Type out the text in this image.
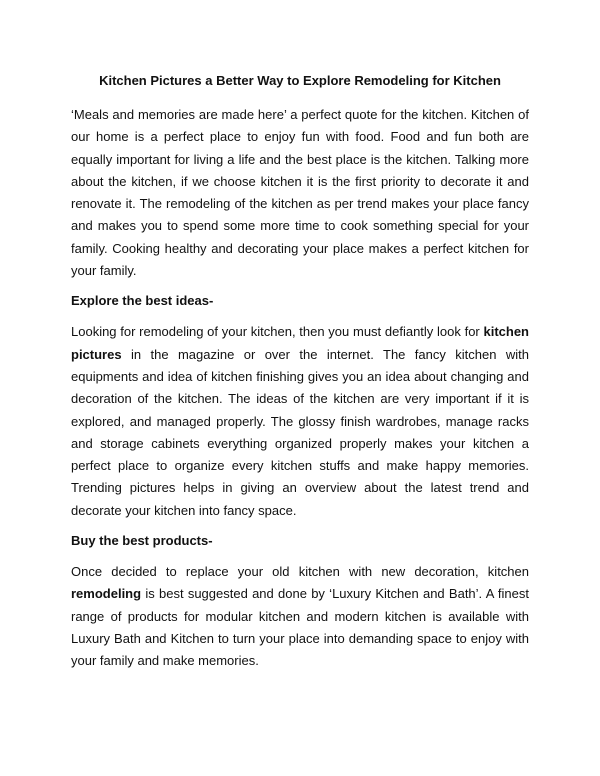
Kitchen Pictures a Better Way to Explore Remodeling for Kitchen

‘Meals and memories are made here’ a perfect quote for the kitchen. Kitchen of our home is a perfect place to enjoy fun with food. Food and fun both are equally important for living a life and the best place is the kitchen. Talking more about the kitchen, if we choose kitchen it is the first priority to decorate it and renovate it. The remodeling of the kitchen as per trend makes your place fancy and makes you to spend some more time to cook something special for your family. Cooking healthy and decorating your place makes a perfect kitchen for your family.

Explore the best ideas-

Looking for remodeling of your kitchen, then you must defiantly look for kitchen pictures in the magazine or over the internet. The fancy kitchen with equipments and idea of kitchen finishing gives you an idea about changing and decoration of the kitchen. The ideas of the kitchen are very important if it is explored, and managed properly. The glossy finish wardrobes, manage racks and storage cabinets everything organized properly makes your kitchen a perfect place to organize every kitchen stuffs and make happy memories. Trending pictures helps in giving an overview about the latest trend and decorate your kitchen into fancy space.

Buy the best products-

Once decided to replace your old kitchen with new decoration, kitchen remodeling is best suggested and done by ‘Luxury Kitchen and Bath’. A finest range of products for modular kitchen and modern kitchen is available with Luxury Bath and Kitchen to turn your place into demanding space to enjoy with your family and make memories.
